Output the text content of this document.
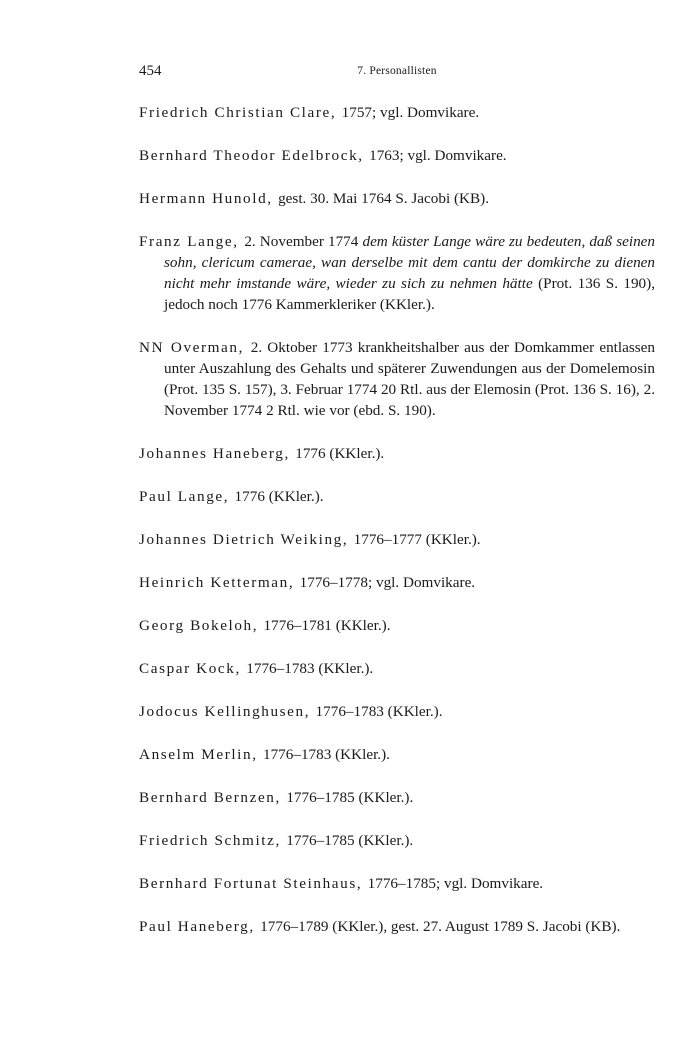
454	7. Personallisten

Friedrich Christian Clare, 1757; vgl. Domvikare.

Bernhard Theodor Edelbrock, 1763; vgl. Domvikare.

Hermann Hunold, gest. 30. Mai 1764 S. Jacobi (KB).

Franz Lange, 2. November 1774 dem küster Lange wäre zu bedeuten, daß seinen sohn, clericum camerae, wan derselbe mit dem cantu der domkirche zu dienen nicht mehr imstande wäre, wieder zu sich zu nehmen hätte (Prot. 136 S. 190), jedoch noch 1776 Kammerkleriker (KKler.).

NN Overman, 2. Oktober 1773 krankheitshalber aus der Domkammer entlassen unter Auszahlung des Gehalts und späterer Zuwendungen aus der Domelemosin (Prot. 135 S. 157), 3. Februar 1774 20 Rtl. aus der Elemosin (Prot. 136 S. 16), 2. November 1774 2 Rtl. wie vor (ebd. S. 190).

Johannes Haneberg, 1776 (KKler.).

Paul Lange, 1776 (KKler.).

Johannes Dietrich Weiking, 1776–1777 (KKler.).

Heinrich Ketterman, 1776–1778; vgl. Domvikare.

Georg Bokeloh, 1776–1781 (KKler.).

Caspar Kock, 1776–1783 (KKler.).

Jodocus Kellinghusen, 1776–1783 (KKler.).

Anselm Merlin, 1776–1783 (KKler.).

Bernhard Bernzen, 1776–1785 (KKler.).

Friedrich Schmitz, 1776–1785 (KKler.).

Bernhard Fortunat Steinhaus, 1776–1785; vgl. Domvikare.

Paul Haneberg, 1776–1789 (KKler.), gest. 27. August 1789 S. Jacobi (KB).
